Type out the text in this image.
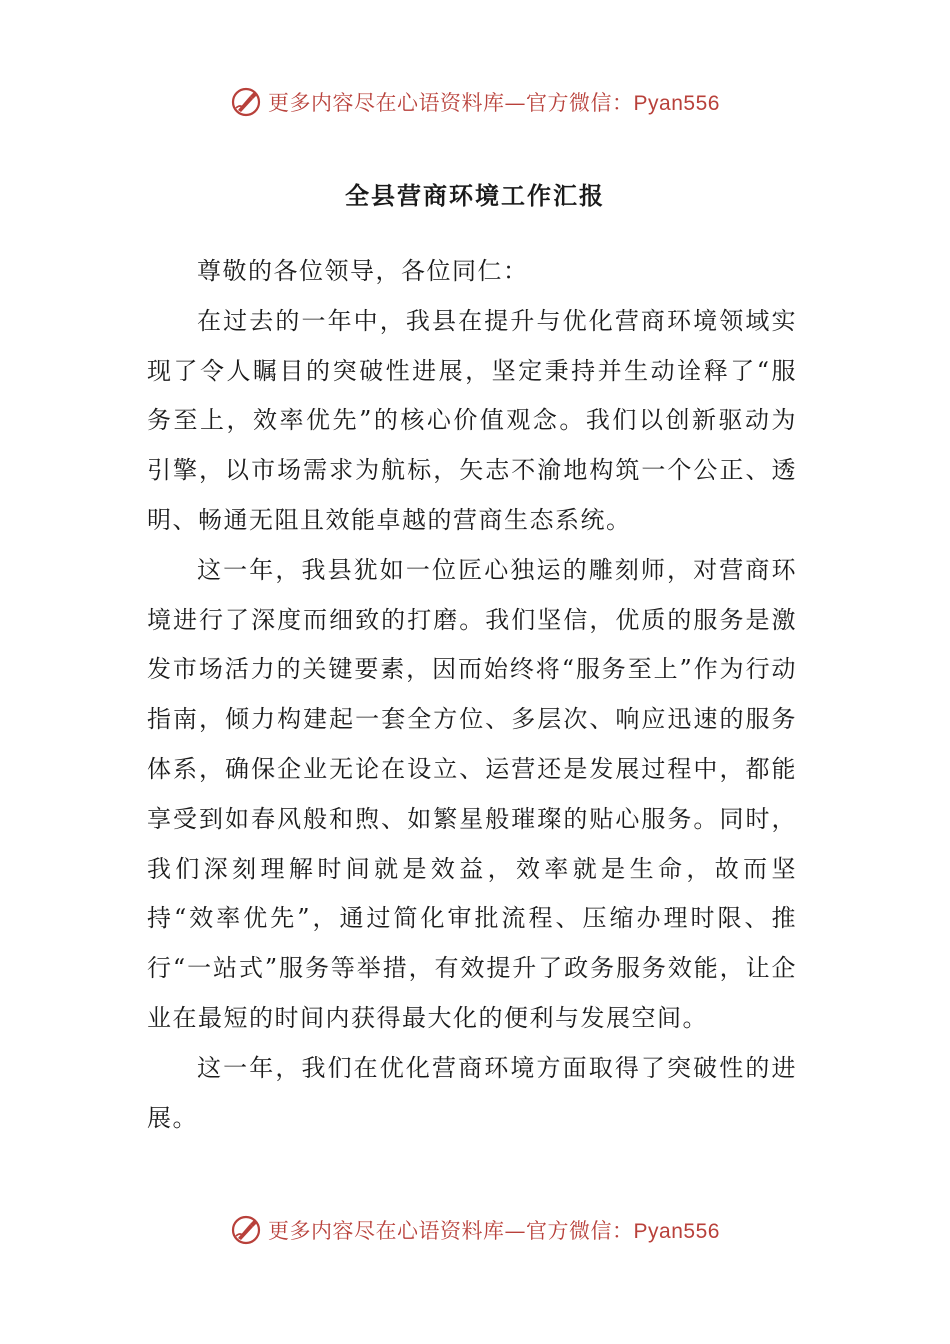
更多内容尽在心语资料库—官方微信：Pyan556
全县营商环境工作汇报

尊敬的各位领导，各位同仁：

在过去的一年中，我县在提升与优化营商环境领域实现了令人瞩目的突破性进展，坚定秉持并生动诠释了“服务至上，效率优先”的核心价值观念。我们以创新驱动为引擎，以市场需求为航标，矢志不渝地构筑一个公正、透明、畅通无阻且效能卓越的营商生态系统。

这一年，我县犹如一位匠心独运的雕刻师，对营商环境进行了深度而细致的打磨。我们坚信，优质的服务是激发市场活力的关键要素，因而始终将“服务至上”作为行动指南，倾力构建起一套全方位、多层次、响应迅速的服务体系，确保企业无论在设立、运营还是发展过程中，都能享受到如春风般和煦、如繁星般璀璨的贴心服务。同时，我们深刻理解时间就是效益，效率就是生命，故而坚持“效率优先”，通过简化审批流程、压缩办理时限、推行“一站式”服务等举措，有效提升了政务服务效能，让企业在最短的时间内获得最大化的便利与发展空间。

这一年，我们在优化营商环境方面取得了突破性的进展。

更多内容尽在心语资料库—官方微信：Pyan556
